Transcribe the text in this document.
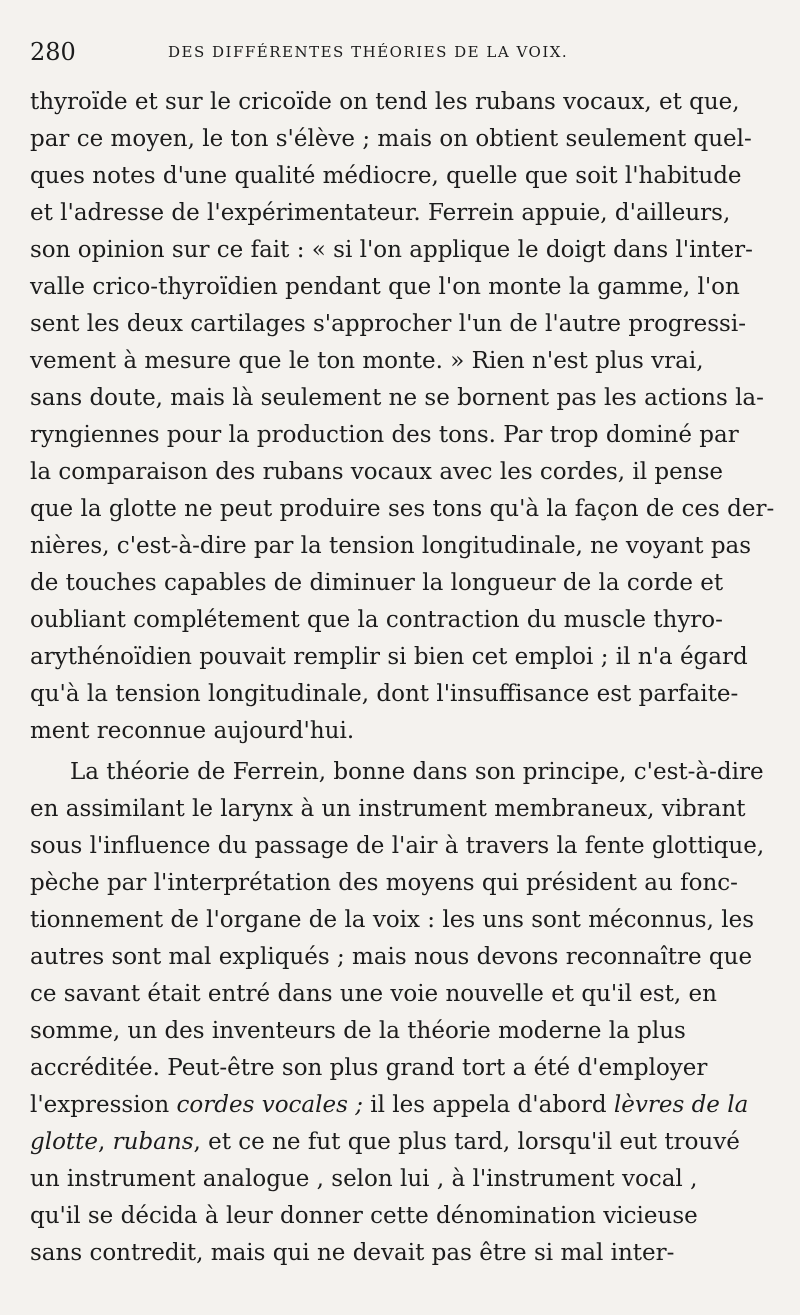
280	DES DIFFÉRENTES THÉORIES DE LA VOIX.
thyroïde et sur le cricoïde on tend les rubans vocaux, et que,
par ce moyen, le ton s'élève ; mais on obtient seulement quel-
ques notes d'une qualité médiocre, quelle que soit l'habitude
et l'adresse de l'expérimentateur. Ferrein appuie, d'ailleurs,
son opinion sur ce fait : « si l'on applique le doigt dans l'inter-
valle crico-thyroïdien pendant que l'on monte la gamme, l'on
sent les deux cartilages s'approcher l'un de l'autre progressi-
vement à mesure que le ton monte. » Rien n'est plus vrai,
sans doute, mais là seulement ne se bornent pas les actions la-
ryngiennes pour la production des tons. Par trop dominé par
la comparaison des rubans vocaux avec les cordes, il pense
que la glotte ne peut produire ses tons qu'à la façon de ces der-
nières, c'est-à-dire par la tension longitudinale, ne voyant pas
de touches capables de diminuer la longueur de la corde et
oubliant complétement que la contraction du muscle thyro-
arythénoïdien pouvait remplir si bien cet emploi ; il n'a égard
qu'à la tension longitudinale, dont l'insuffisance est parfaite-
ment reconnue aujourd'hui.
La théorie de Ferrein, bonne dans son principe, c'est-à-dire
en assimilant le larynx à un instrument membraneux, vibrant
sous l'influence du passage de l'air à travers la fente glottique,
pèche par l'interprétation des moyens qui président au fonc-
tionnement de l'organe de la voix : les uns sont méconnus, les
autres sont mal expliqués ; mais nous devons reconnaître que
ce savant était entré dans une voie nouvelle et qu'il est, en
somme, un des inventeurs de la théorie moderne la plus
accréditée. Peut-être son plus grand tort a été d'employer
l'expression cordes vocales ; il les appela d'abord lèvres de la
glotte, rubans, et ce ne fut que plus tard, lorsqu'il eut trouvé
un instrument analogue , selon lui , à l'instrument vocal ,
qu'il se décida à leur donner cette dénomination vicieuse
sans contredit, mais qui ne devait pas être si mal inter-
